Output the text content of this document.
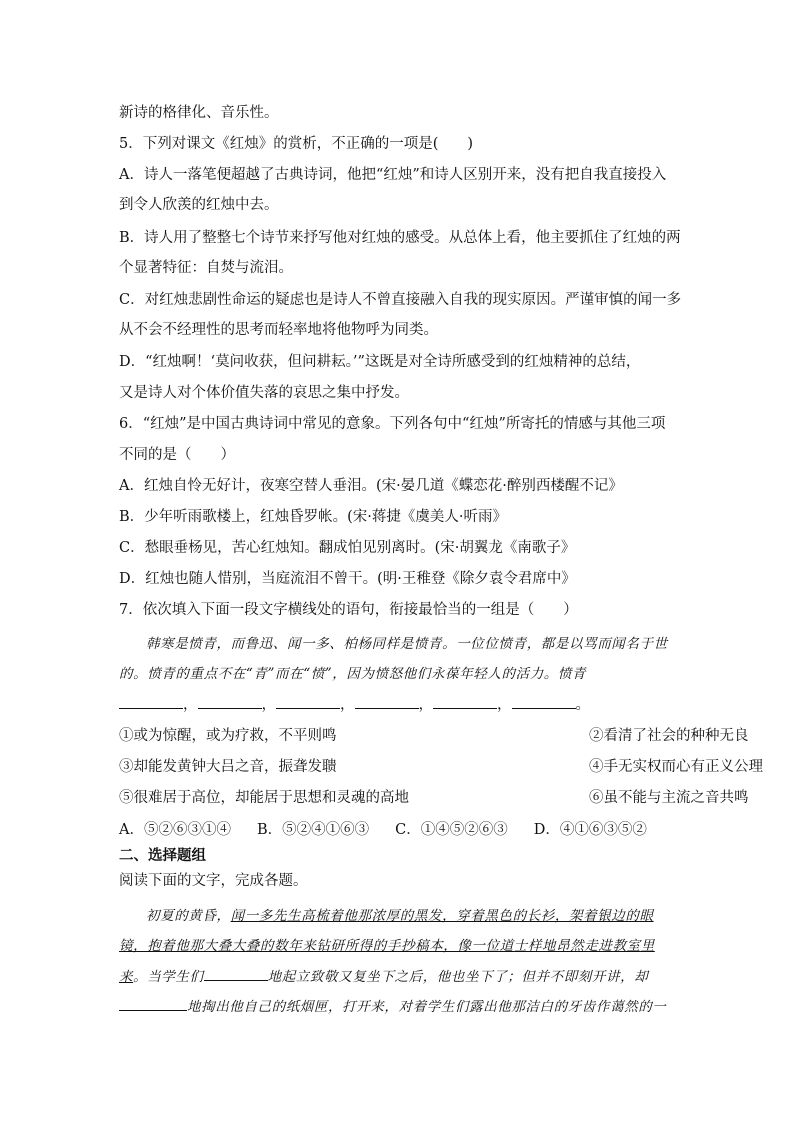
新诗的格律化、音乐性。
5．下列对课文《红烛》的赏析，不正确的一项是(　　)
A．诗人一落笔便超越了古典诗词，他把“红烛”和诗人区别开来，没有把自我直接投入
到令人欣羡的红烛中去。
B．诗人用了整整七个诗节来抒写他对红烛的感受。从总体上看，他主要抓住了红烛的两
个显著特征：自焚与流泪。
C．对红烛悲剧性命运的疑虑也是诗人不曾直接融入自我的现实原因。严谨审慎的闻一多
从不会不经理性的思考而轻率地将他物呼为同类。
D．“红烛啊！‘莫问收获，但问耕耘。’”这既是对全诗所感受到的红烛精神的总结，
又是诗人对个体价值失落的哀思之集中抒发。
6．“红烛”是中国古典诗词中常见的意象。下列各句中“红烛”所寄托的情感与其他三项
不同的是（　　）
A．红烛自怜无好计，夜寒空替人垂泪。(宋·晏几道《蝶恋花·醉别西楼醒不记》
B．少年听雨歌楼上，红烛昏罗帐。(宋·蒋捷《虞美人·听雨》
C．愁眼垂杨见，苦心红烛知。翻成怕见别离时。(宋·胡翼龙《南歌子》
D．红烛也随人惜别，当庭流泪不曾干。(明·王稚登《除夕袁令君席中》
7．依次填入下面一段文字横线处的语句，衔接最恰当的一组是（　　）
韩寒是愤青，而鲁迅、闻一多、柏杨同样是愤青。一位位愤青，都是以骂而闻名于世
的。愤青的重点不在“青”而在“愤”，因为愤怒他们永葆年轻人的活力。愤青
，	，	，	，	，	。
①或为惊醒，或为疗救，不平则鸣	②看清了社会的种种无良
③却能发黄钟大吕之音，振聋发聩	④手无实权而心有正义公理
⑤很难居于高位，却能居于思想和灵魂的高地	⑥虽不能与主流之音共鸣
A．⑤②⑥③①④ B．⑤②④①⑥③ C．①④⑤②⑥③ D．④①⑥③⑤②
二、选择题组
阅读下面的文字，完成各题。
初夏的黄昏，闻一多先生高梳着他那浓厚的黑发，穿着黑色的长衫，架着银边的眼
镜，抱着他那大叠大叠的数年来钻研所得的手抄稿本，像一位道士样地昂然走进教室里
来。当学生们	地起立致敬又复坐下之后，他也坐下了；但并不即刻开讲，却
地掏出他自己的纸烟匣，打开来，对着学生们露出他那洁白的牙齿作蔼然的一
